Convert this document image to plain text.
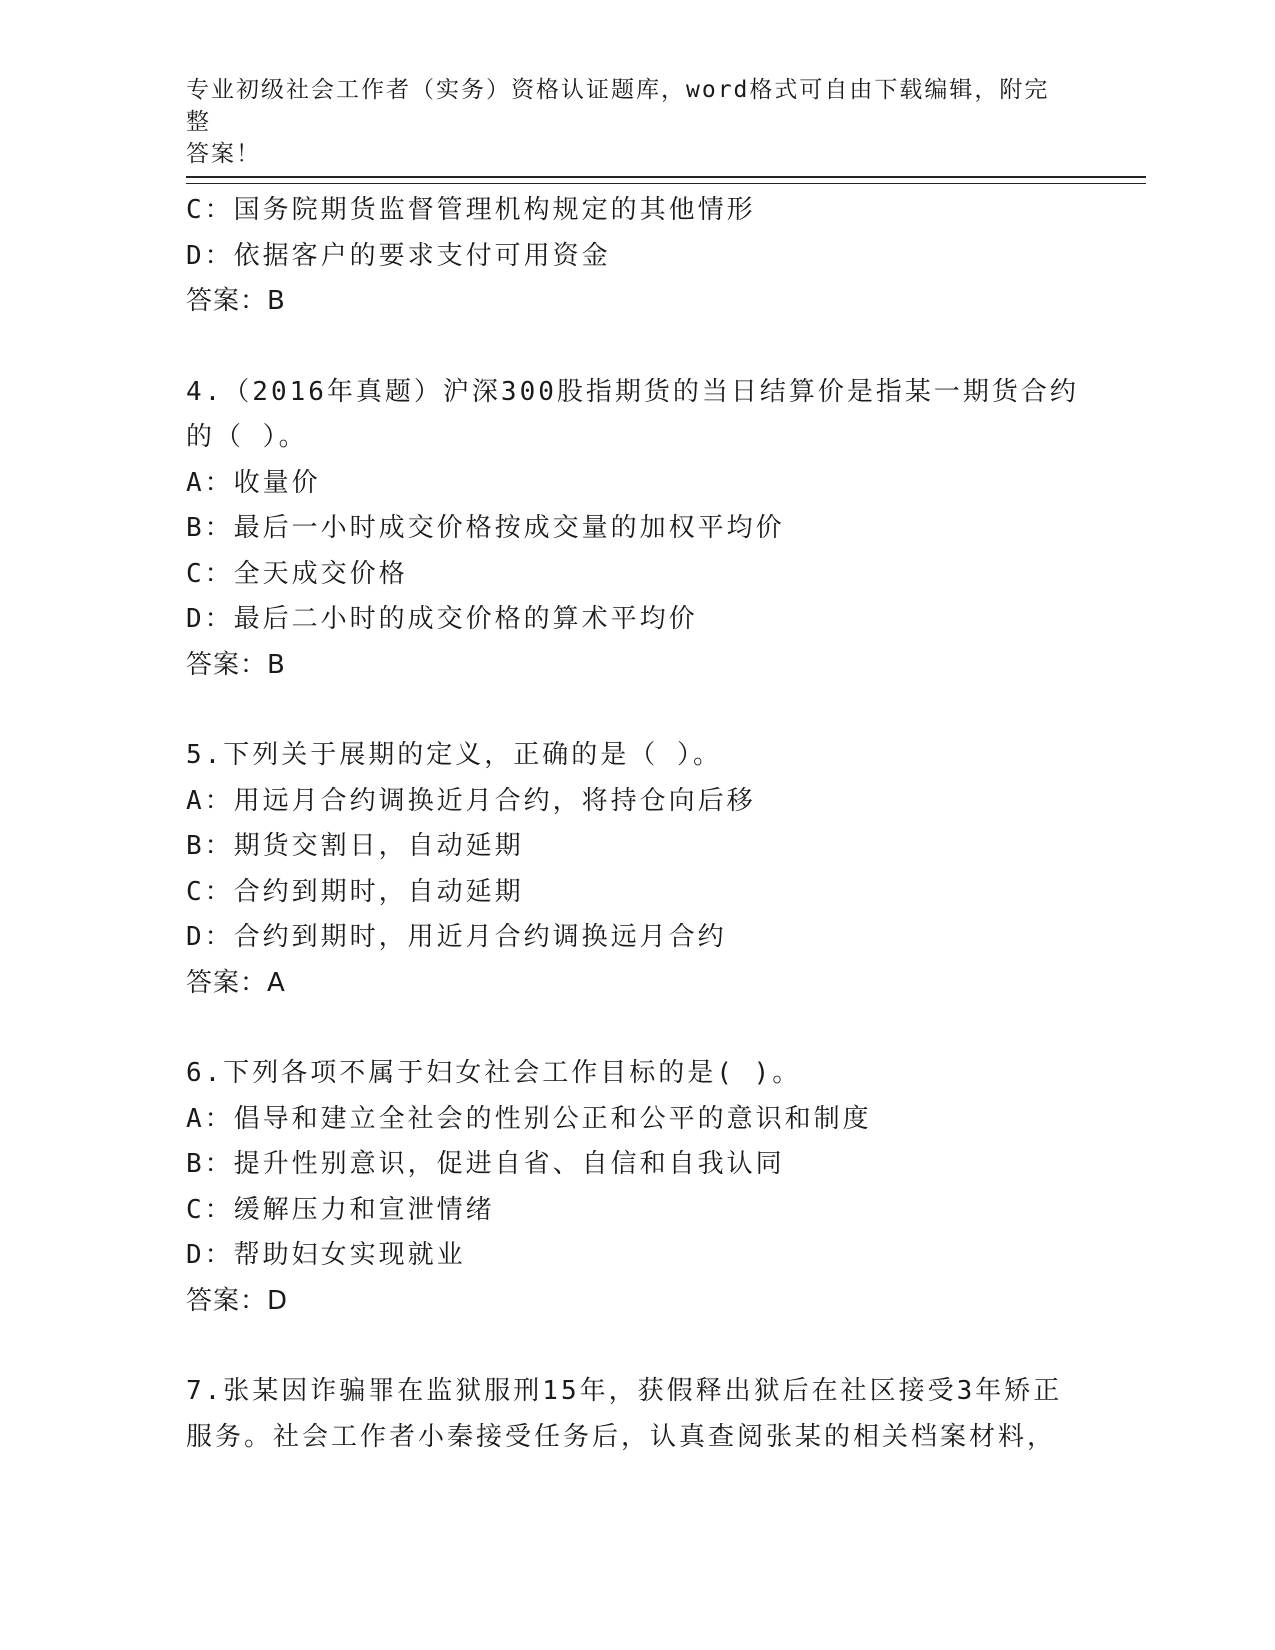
专业初级社会工作者（实务）资格认证题库，word格式可自由下载编辑，附完整
答案！
C：国务院期货监督管理机构规定的其他情形
D：依据客户的要求支付可用资金
答案：B
4.（2016年真题）沪深300股指期货的当日结算价是指某一期货合约
的（ ）。
A：收量价
B：最后一小时成交价格按成交量的加权平均价
C：全天成交价格
D：最后二小时的成交价格的算术平均价
答案：B
5.下列关于展期的定义，正确的是（ ）。
A：用远月合约调换近月合约，将持仓向后移
B：期货交割日，自动延期
C：合约到期时，自动延期
D：合约到期时，用近月合约调换远月合约
答案：A
6.下列各项不属于妇女社会工作目标的是( )。
A：倡导和建立全社会的性别公正和公平的意识和制度
B：提升性别意识，促进自省、自信和自我认同
C：缓解压力和宣泄情绪
D：帮助妇女实现就业
答案：D
7.张某因诈骗罪在监狱服刑15年，获假释出狱后在社区接受3年矫正
服务。社会工作者小秦接受任务后，认真查阅张某的相关档案材料，
